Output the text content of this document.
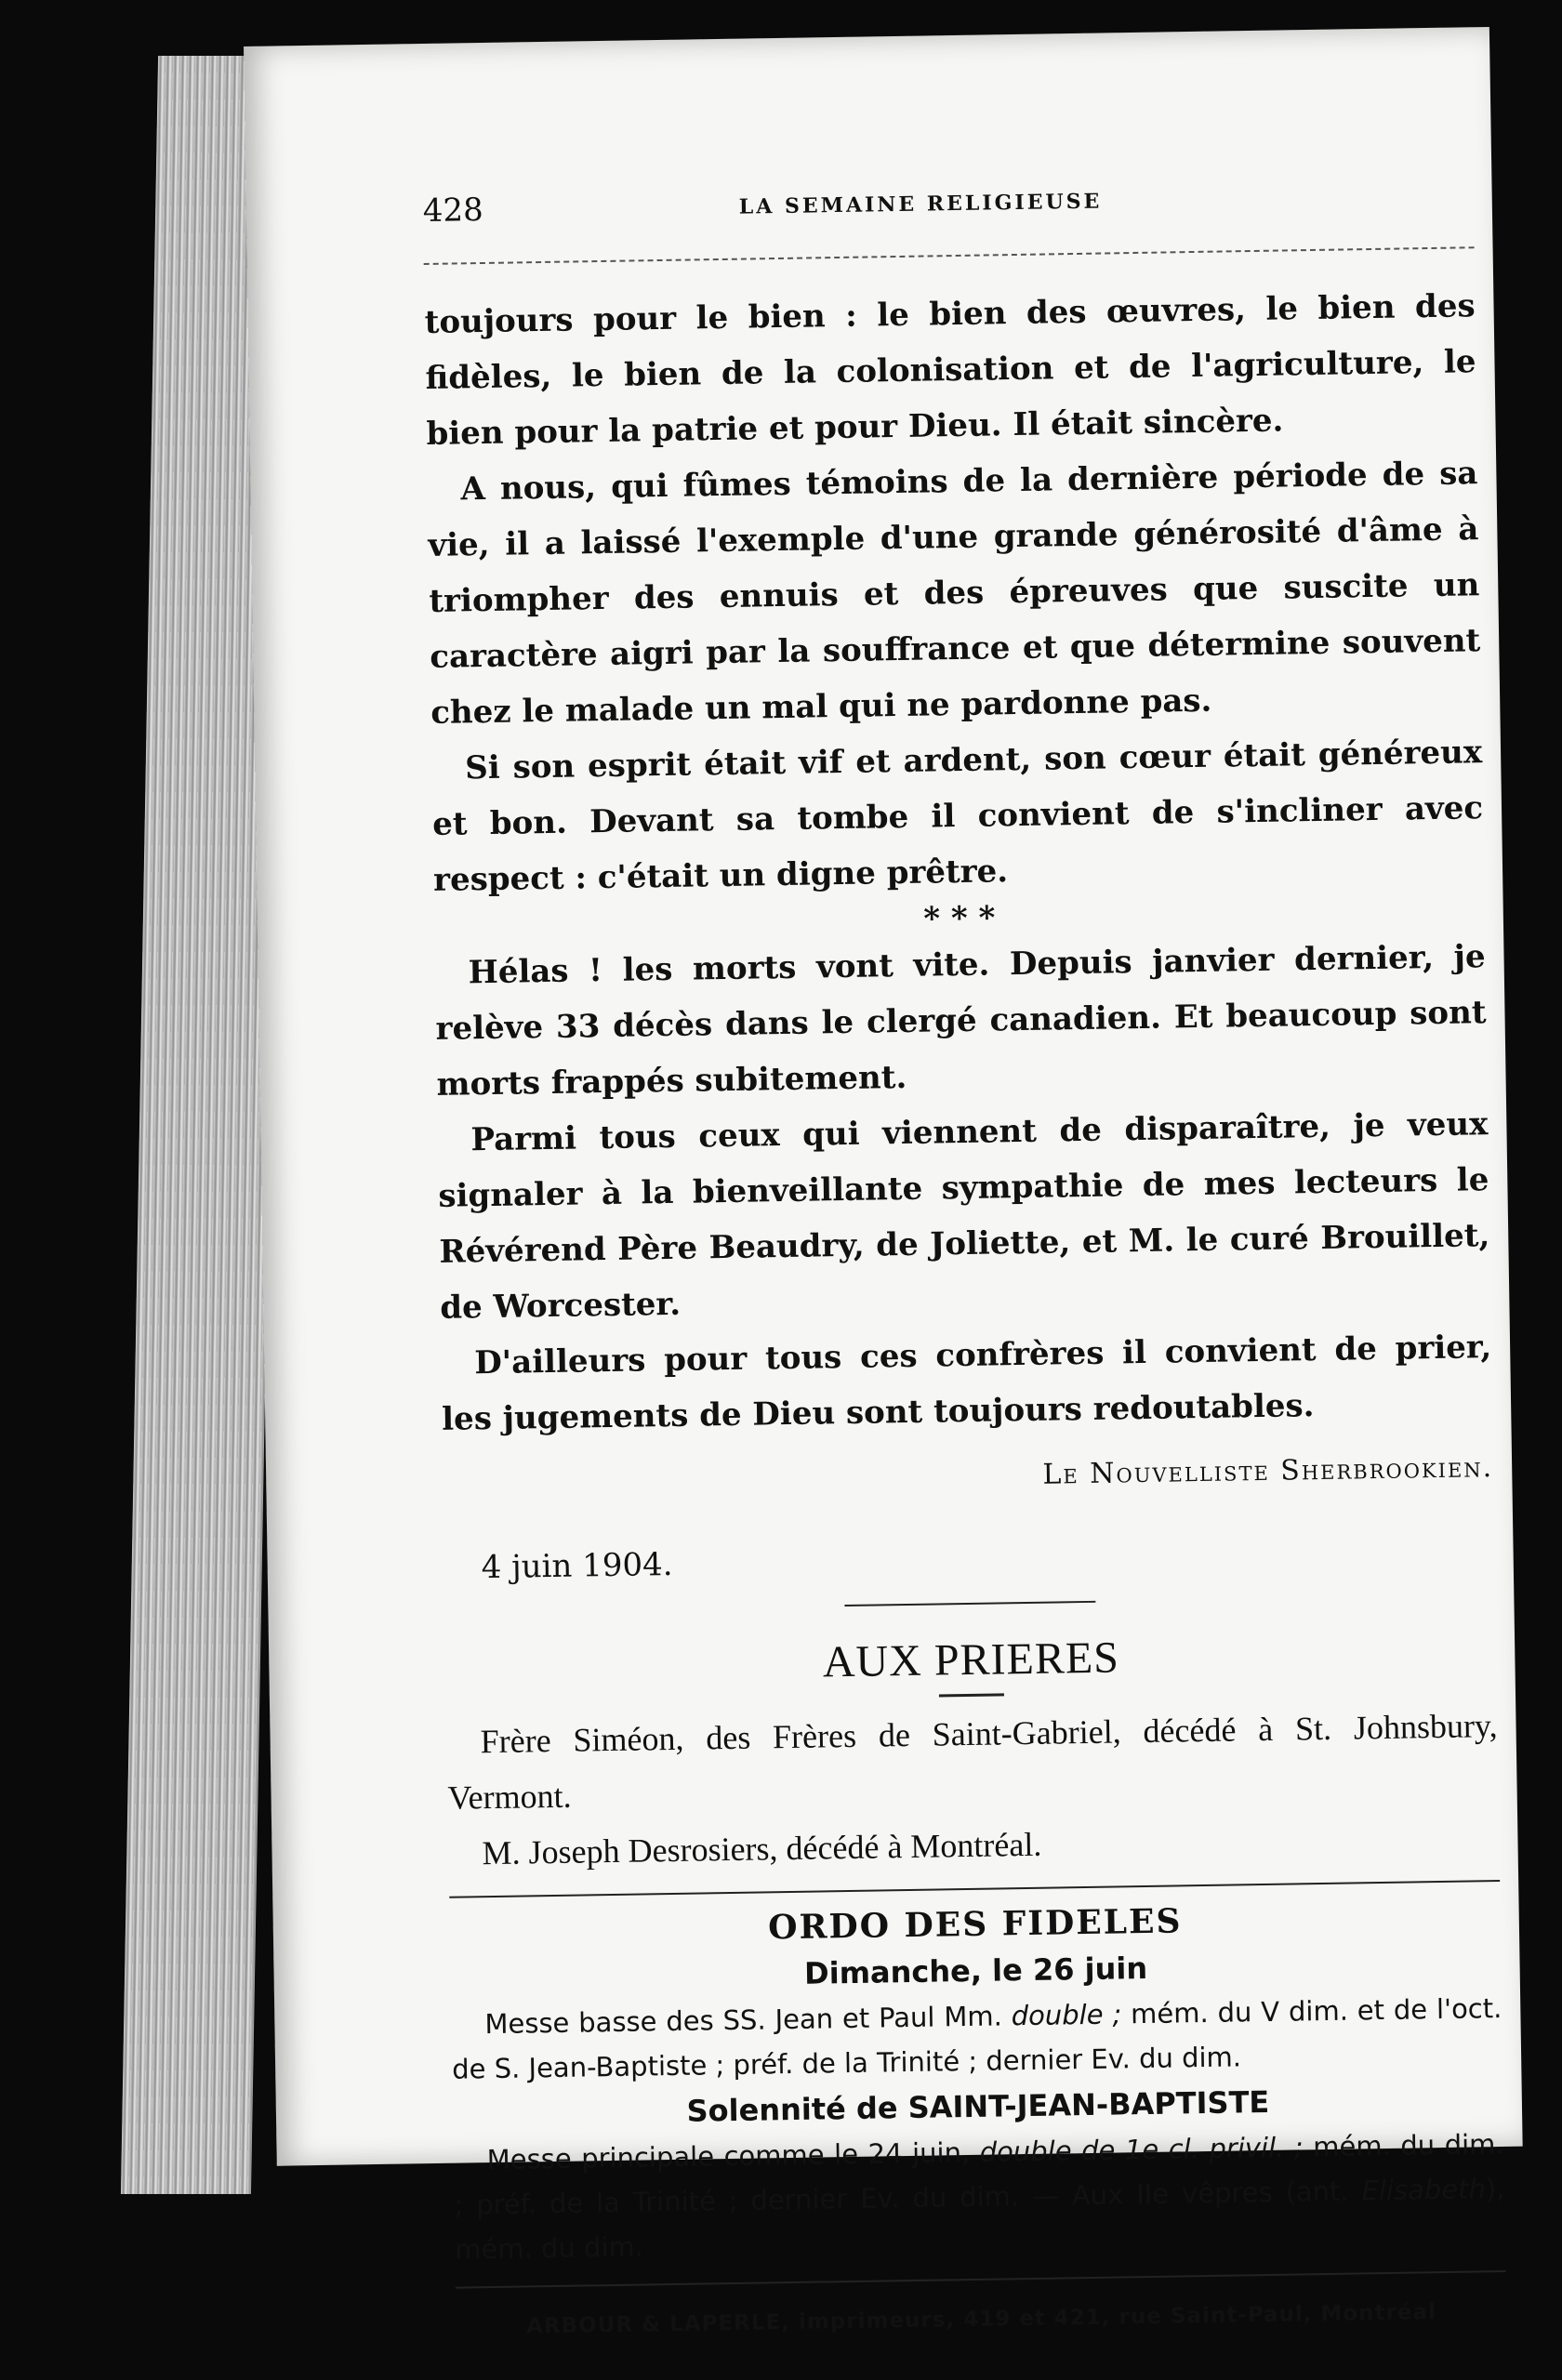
428	LA SEMAINE RELIGIEUSE

toujours pour le bien : le bien des œuvres, le bien des fidèles, le bien de la colonisation et de l'agriculture, le bien pour la patrie et pour Dieu. Il était sincère.

A nous, qui fûmes témoins de la dernière période de sa vie, il a laissé l'exemple d'une grande générosité d'âme à triompher des ennuis et des épreuves que suscite un caractère aigri par la souffrance et que détermine souvent chez le malade un mal qui ne pardonne pas.

Si son esprit était vif et ardent, son cœur était généreux et bon. Devant sa tombe il convient de s'incliner avec respect : c'était un digne prêtre.

* * *

Hélas ! les morts vont vite. Depuis janvier dernier, je relève 33 décès dans le clergé canadien. Et beaucoup sont morts frappés subitement.

Parmi tous ceux qui viennent de disparaître, je veux signaler à la bienveillante sympathie de mes lecteurs le Révérend Père Beaudry, de Joliette, et M. le curé Brouillet, de Worcester.

D'ailleurs pour tous ces confrères il convient de prier, les jugements de Dieu sont toujours redoutables.

Le Nouvelliste Sherbrookien.

4 juin 1904.

AUX PRIERES

Frère Siméon, des Frères de Saint-Gabriel, décédé à St. Johnsbury, Vermont.

M. Joseph Desrosiers, décédé à Montréal.

ORDO DES FIDELES

Dimanche, le 26 juin

Messe basse des SS. Jean et Paul Mm. double ; mém. du V dim. et de l'oct. de S. Jean-Baptiste ; préf. de la Trinité ; dernier Ev. du dim.

Solennité de SAINT-JEAN-BAPTISTE

Messe principale comme le 24 juin, double de 1e cl. privil. ; mém. du dim. ; préf. de la Trinité ; dernier Ev. du dim. — Aux IIe vêpres (ant. Elisabeth), mém. du dim.

ARBOUR & LAPERLE, imprimeurs, 419 et 421, rue Saint-Paul, Montréal
